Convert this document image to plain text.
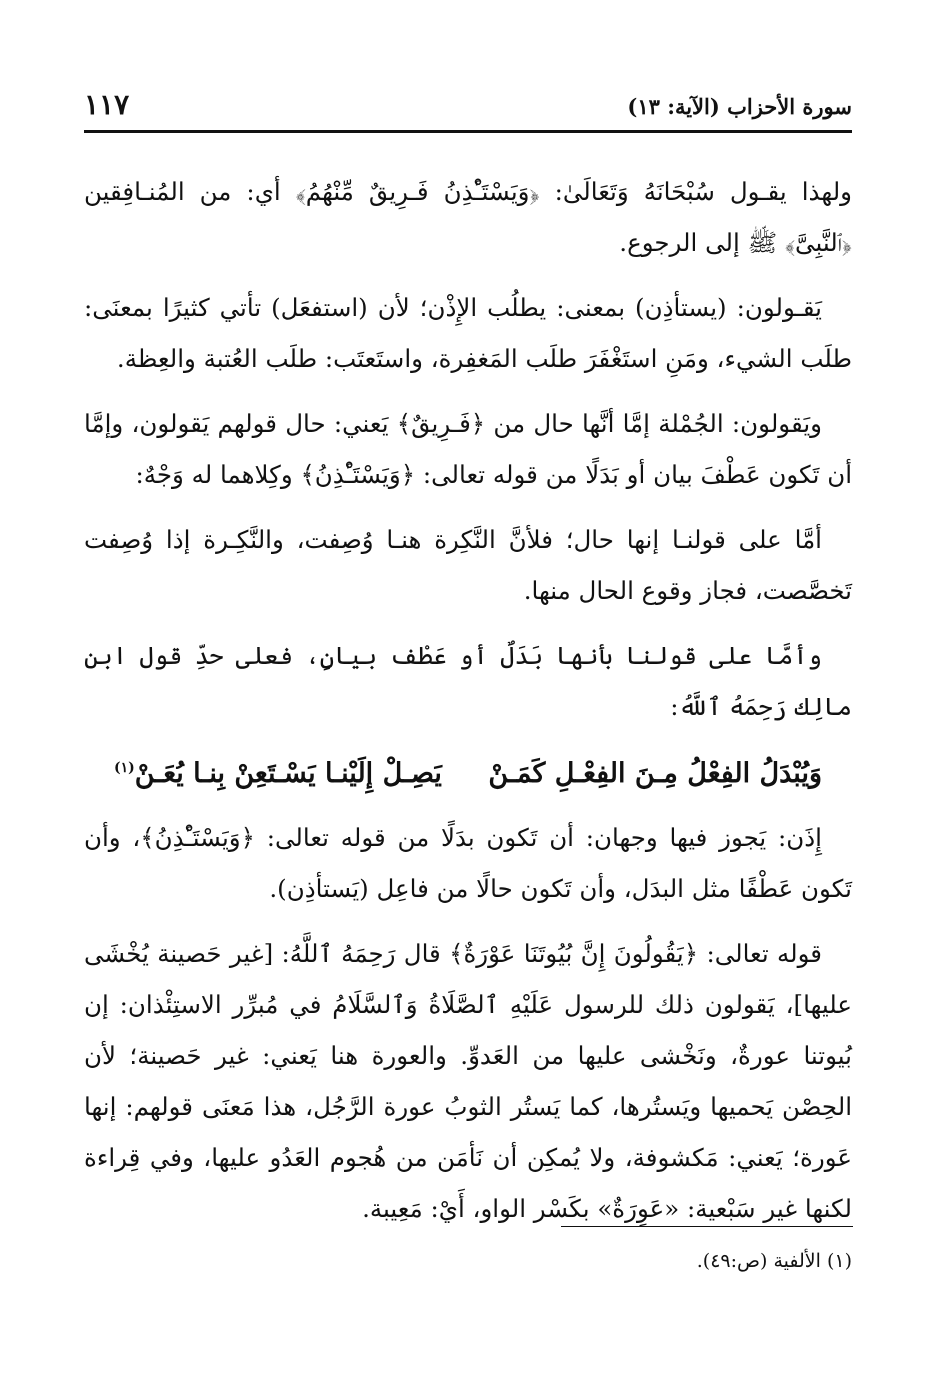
سورة الأحزاب (الآية: ١٣)
١١٧

ولهذا يقـول سُبْحَانَهُ وَتَعَالَىٰ: ﴿وَيَسْتَـْٔذِنُ فَـرِيقٌ مِّنْهُمُ﴾ أي: من المُنـافِقين ﴿ٱلنَّبِىَّ﴾ ﷺ إلى الرجوع.

يَقـولون: (يستأذِن) بمعنى: يطلُب الإِذْن؛ لأن (استفعَل) تأتي كثيرًا بمعنَى: طلَب الشيء، ومَنِ استَغْفَرَ طلَب المَغفِرة، واستَعتَب: طلَب العُتبة والعِظة.

ويَقولون: الجُمْلة إمَّا أنَّها حال من ﴿فَـرِيقٌ﴾ يَعني: حال قولهم يَقولون، وإمَّا أن تَكون عَطْفَ بيان أو بَدَلًا من قوله تعالى: ﴿وَيَسْتَـْٔذِنُ﴾ وكِلاهما له وَجْهٌ:

أمَّا على قولنـا إنها حال؛ فلأنَّ النَّكِرة هنـا وُصِفت، والنَّكِـرة إذا وُصِفت تَخصَّصت، فجاز وقوع الحال منها.

وأمَّا على قولنا بأنها بَدَلٌ أو عَطْف بيانٍ، فعلى حدِّ قول ابن مالِك رَحِمَهُ ٱللَّهُ:

وَيُبْدَلُ الفِعْلُ مِـنَ الفِعْـلِ كَمَـنْ
يَصِـلْ إِلَيْنـا يَسْـتَعِنْ بِنـا يُعَـنْ$^{(١)}$

إِذَن: يَجوز فيها وجهان: أن تَكون بدَلًا من قوله تعالى: ﴿وَيَسْتَـْٔذِنُ﴾، وأن تَكون عَطْفًا مثل البدَل، وأن تَكون حالًا من فاعِل (يَستأذِن).

قوله تعالى: ﴿يَقُولُونَ إِنَّ بُيُوتَنَا عَوْرَةٌ﴾ قال رَحِمَهُ ٱللَّهُ: [غير حَصينة يُخْشَى عليها]، يَقولون ذلك للرسول عَلَيْهِ ٱلصَّلَاةُ وَٱلسَّلَامُ في مُبرِّر الاستِئْذان: إن بُيوتنا عورةٌ، ونَخْشى عليها من العَدوِّ. والعورة هنا يَعني: غير حَصينة؛ لأن الحِصْن يَحميها ويَستُرها، كما يَستُر الثوبُ عورة الرَّجُل، هذا مَعنَى قولهم: إنها عَورة؛ يَعني: مَكشوفة، ولا يُمكِن أن نَأمَن من هُجوم العَدُو عليها، وفي قِراءة لكنها غير سَبْعية: «عَوِرَةٌ» بكَسْر الواو، أَيْ: مَعِيبة.

(١) الألفية (ص:٤٩).
